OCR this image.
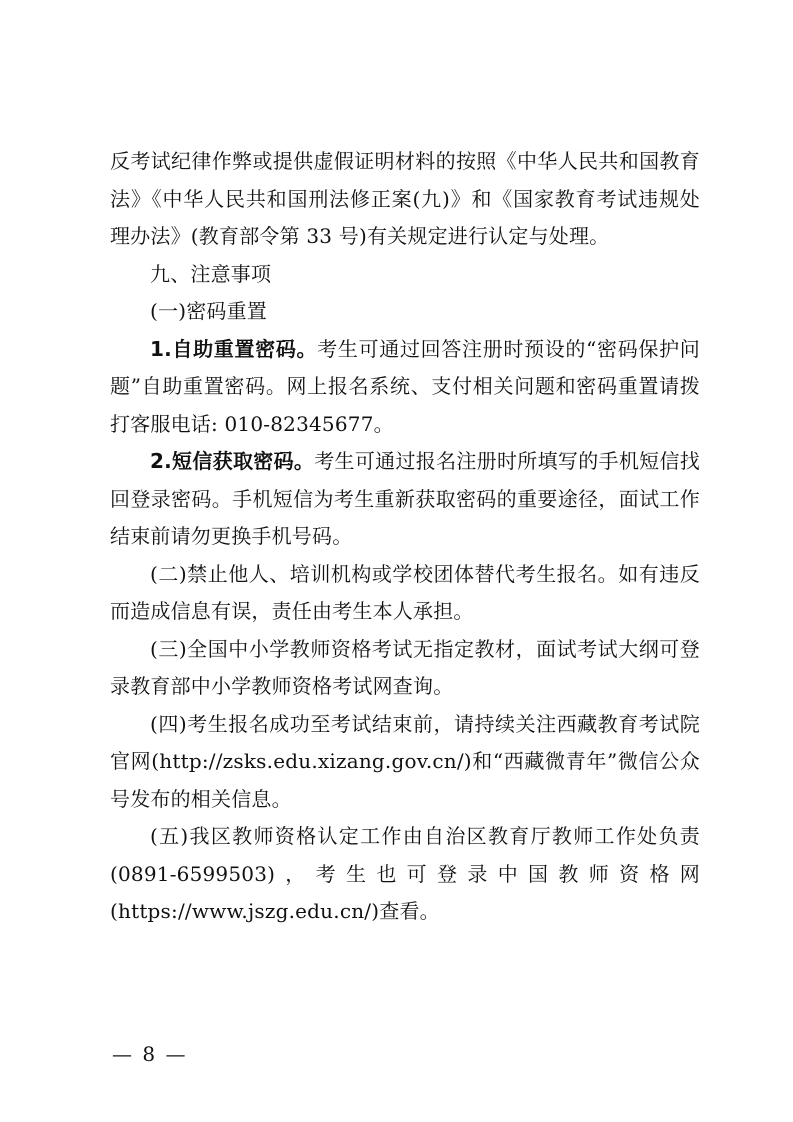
反考试纪律作弊或提供虚假证明材料的按照《中华人民共和国教育法》《中华人民共和国刑法修正案(九)》和《国家教育考试违规处理办法》(教育部令第 33 号)有关规定进行认定与处理。

九、注意事项

(一)密码重置

1.自助重置密码。考生可通过回答注册时预设的“密码保护问题”自助重置密码。网上报名系统、支付相关问题和密码重置请拨打客服电话: 010-82345677。

2.短信获取密码。考生可通过报名注册时所填写的手机短信找回登录密码。手机短信为考生重新获取密码的重要途径，面试工作结束前请勿更换手机号码。

(二)禁止他人、培训机构或学校团体替代考生报名。如有违反而造成信息有误，责任由考生本人承担。

(三)全国中小学教师资格考试无指定教材，面试考试大纲可登录教育部中小学教师资格考试网查询。

(四)考生报名成功至考试结束前，请持续关注西藏教育考试院官网(http://zsks.edu.xizang.gov.cn/)和“西藏微青年”微信公众号发布的相关信息。

(五)我区教师资格认定工作由自治区教育厅教师工作处负责 (0891-6599503)，考生也可登录中国教师资格网(https://www.jszg.edu.cn/)查看。

— 8 —
